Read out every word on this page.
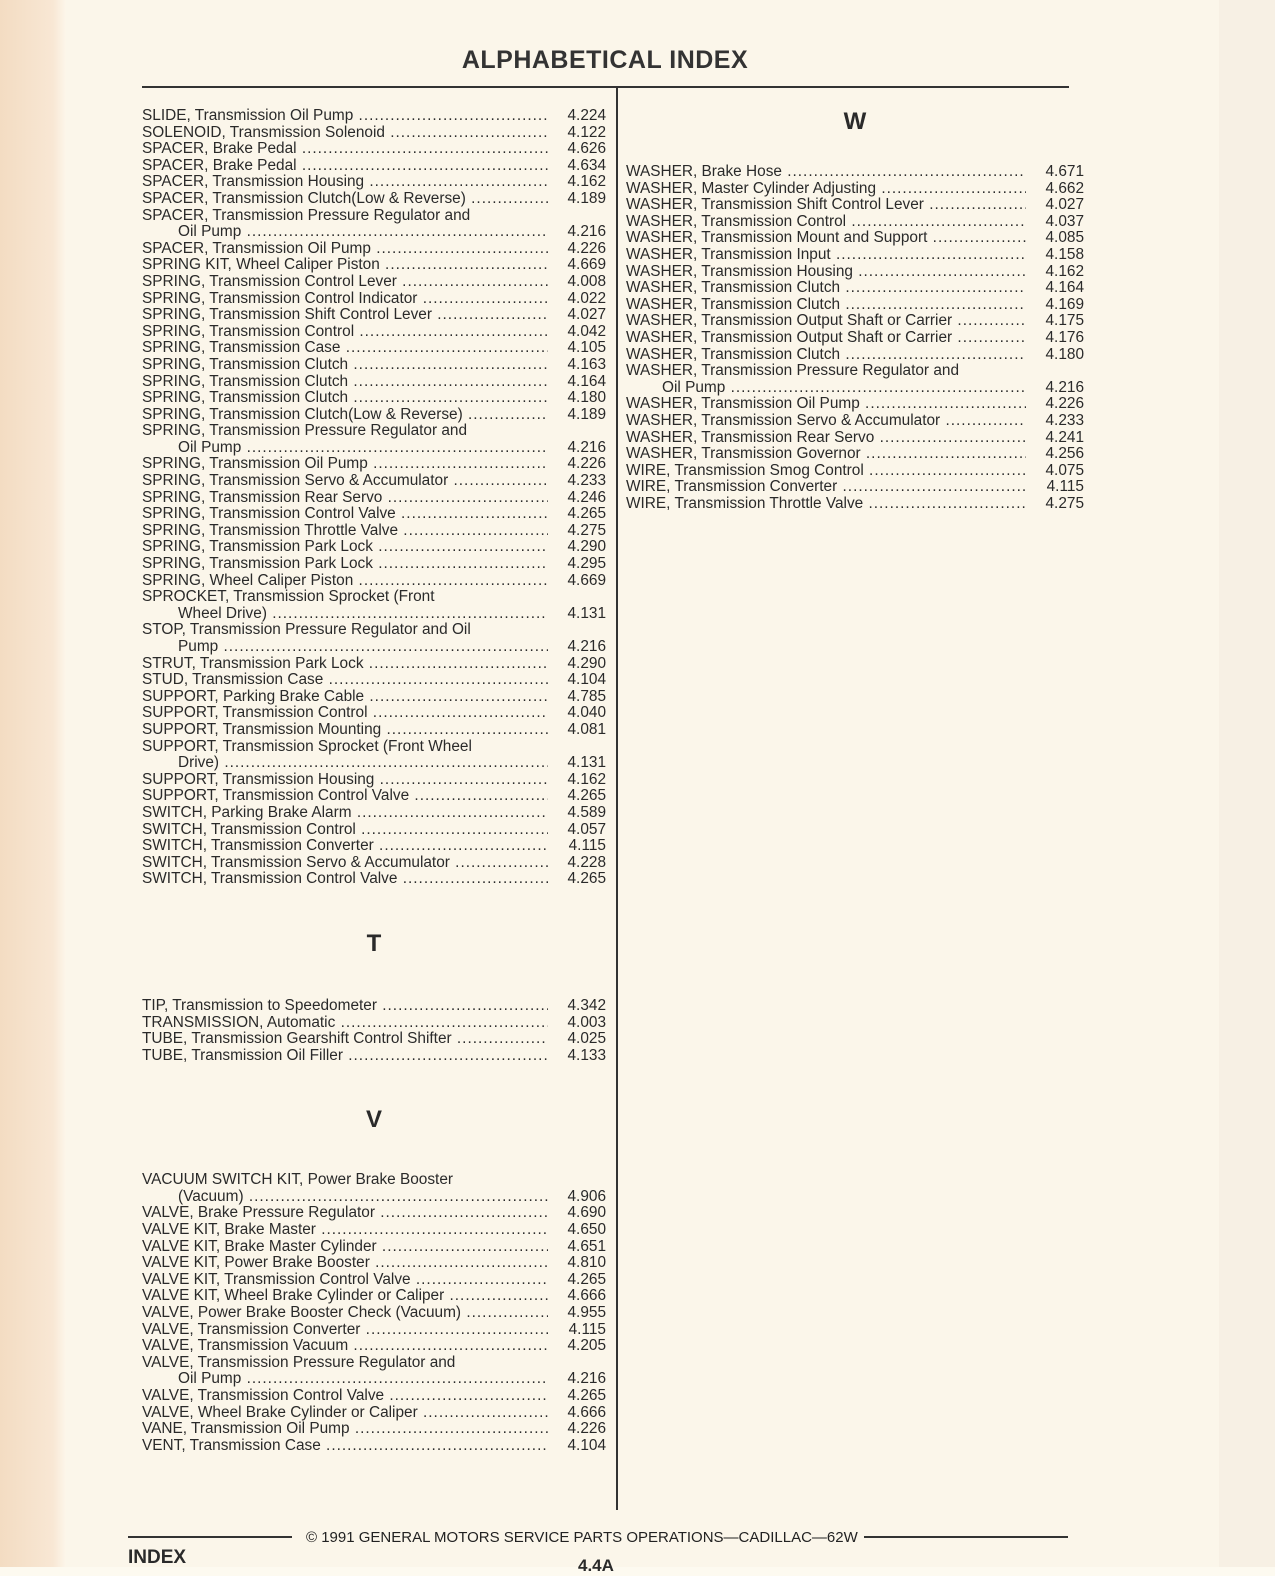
ALPHABETICAL INDEX
SLIDE, Transmission Oil Pump .....	4.224
SOLENOID, Transmission Solenoid .....	4.122
SPACER, Brake Pedal .....	4.626
SPACER, Brake Pedal .....	4.634
SPACER, Transmission Housing .....	4.162
SPACER, Transmission Clutch(Low & Reverse) .....	4.189
SPACER, Transmission Pressure Regulator and
Oil Pump .....	4.216
SPACER, Transmission Oil Pump .....	4.226
SPRING KIT, Wheel Caliper Piston .....	4.669
SPRING, Transmission Control Lever .....	4.008
SPRING, Transmission Control Indicator .....	4.022
SPRING, Transmission Shift Control Lever .....	4.027
SPRING, Transmission Control .....	4.042
SPRING, Transmission Case .....	4.105
SPRING, Transmission Clutch .....	4.163
SPRING, Transmission Clutch .....	4.164
SPRING, Transmission Clutch .....	4.180
SPRING, Transmission Clutch(Low & Reverse) .....	4.189
SPRING, Transmission Pressure Regulator and
Oil Pump .....	4.216
SPRING, Transmission Oil Pump .....	4.226
SPRING, Transmission Servo & Accumulator .....	4.233
SPRING, Transmission Rear Servo .....	4.246
SPRING, Transmission Control Valve .....	4.265
SPRING, Transmission Throttle Valve .....	4.275
SPRING, Transmission Park Lock .....	4.290
SPRING, Transmission Park Lock .....	4.295
SPRING, Wheel Caliper Piston .....	4.669
SPROCKET, Transmission Sprocket (Front
Wheel Drive) .....	4.131
STOP, Transmission Pressure Regulator and Oil
Pump .....	4.216
STRUT, Transmission Park Lock .....	4.290
STUD, Transmission Case .....	4.104
SUPPORT, Parking Brake Cable .....	4.785
SUPPORT, Transmission Control .....	4.040
SUPPORT, Transmission Mounting .....	4.081
SUPPORT, Transmission Sprocket (Front Wheel
Drive) .....	4.131
SUPPORT, Transmission Housing .....	4.162
SUPPORT, Transmission Control Valve .....	4.265
SWITCH, Parking Brake Alarm .....	4.589
SWITCH, Transmission Control .....	4.057
SWITCH, Transmission Converter .....	4.115
SWITCH, Transmission Servo & Accumulator .....	4.228
SWITCH, Transmission Control Valve .....	4.265
T
TIP, Transmission to Speedometer .....	4.342
TRANSMISSION, Automatic .....	4.003
TUBE, Transmission Gearshift Control Shifter .....	4.025
TUBE, Transmission Oil Filler .....	4.133
V
VACUUM SWITCH KIT, Power Brake Booster
(Vacuum) .....	4.906
VALVE, Brake Pressure Regulator .....	4.690
VALVE KIT, Brake Master .....	4.650
VALVE KIT, Brake Master Cylinder .....	4.651
VALVE KIT, Power Brake Booster .....	4.810
VALVE KIT, Transmission Control Valve .....	4.265
VALVE KIT, Wheel Brake Cylinder or Caliper .....	4.666
VALVE, Power Brake Booster Check (Vacuum) .....	4.955
VALVE, Transmission Converter .....	4.115
VALVE, Transmission Vacuum .....	4.205
VALVE, Transmission Pressure Regulator and
Oil Pump .....	4.216
VALVE, Transmission Control Valve .....	4.265
VALVE, Wheel Brake Cylinder or Caliper .....	4.666
VANE, Transmission Oil Pump .....	4.226
VENT, Transmission Case .....	4.104
W
WASHER, Brake Hose .....	4.671
WASHER, Master Cylinder Adjusting .....	4.662
WASHER, Transmission Shift Control Lever .....	4.027
WASHER, Transmission Control .....	4.037
WASHER, Transmission Mount and Support .....	4.085
WASHER, Transmission Input .....	4.158
WASHER, Transmission Housing .....	4.162
WASHER, Transmission Clutch .....	4.164
WASHER, Transmission Clutch .....	4.169
WASHER, Transmission Output Shaft or Carrier .....	4.175
WASHER, Transmission Output Shaft or Carrier .....	4.176
WASHER, Transmission Clutch .....	4.180
WASHER, Transmission Pressure Regulator and
Oil Pump .....	4.216
WASHER, Transmission Oil Pump .....	4.226
WASHER, Transmission Servo & Accumulator .....	4.233
WASHER, Transmission Rear Servo .....	4.241
WASHER, Transmission Governor .....	4.256
WIRE, Transmission Smog Control .....	4.075
WIRE, Transmission Converter .....	4.115
WIRE, Transmission Throttle Valve .....	4.275
© 1991 GENERAL MOTORS SERVICE PARTS OPERATIONS—CADILLAC—62W
INDEX	4.4A
